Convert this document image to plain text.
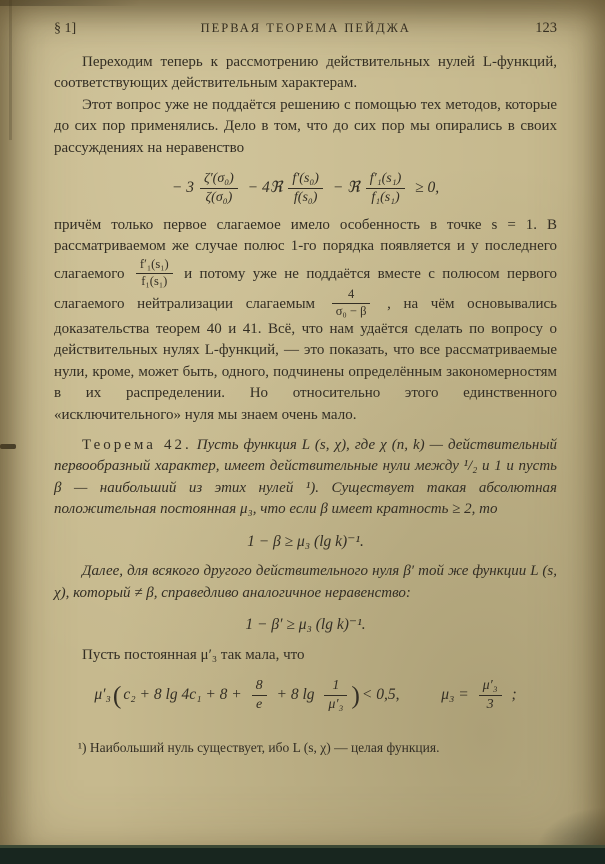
§ 1]	ПЕРВАЯ ТЕОРЕМА ПЕЙДЖА	123

Переходим теперь к рассмотрению действительных нулей L-функций, соответствующих действительным характерам.

Этот вопрос уже не поддаётся решению с помощью тех методов, которые до сих пор применялись. Дело в том, что до сих пор мы опирались в своих рассуждениях на неравенство

− $3 \frac{\text{ζ′(σ₀)}}{\text{ζ(σ₀)}}$ − 4ℜ $\frac{\text{f′(s₀)}}{\text{f(s₀)}}$ − ℜ $\frac{\text{f′₁(s₁)}}{\text{f₁(s₁)}} \ge 0$,

причём только первое слагаемое имело особенность в точке s = 1. В рассматриваемом же случае полюс 1-го порядка появляется и у последнего слагаемого $\frac{\text{f′₁(s₁)}}{\text{f₁(s₁)}}$ и потому уже не поддаётся вместе с полюсом первого слагаемого нейтрализации слагаемым $\frac{4}{\text{σ₀ − β}}$ , на чём основывались доказательства теорем 40 и 41. Всё, что нам удаётся сделать по вопросу о действительных нулях L-функций, — это показать, что все рассматриваемые нули, кроме, может быть, одного, подчинены определённым закономерностям в их распределении. Но относительно этого единственного «исключительного» нуля мы знаем очень мало.

Теорема 42. Пусть функция L (s, χ), где χ (n, k) — действительный первообразный характер, имеет действительные нули между ¹/₂ и 1 и пусть β — наибольший из этих нулей ¹). Существует такая абсолютная положительная постоянная μ₃, что если β имеет кратность ≥ 2, то

1 − β ≥ μ₃ (lg k)⁻¹.

Далее, для всякого другого действительного нуля β′ той же функции L (s, χ), который ≠ β, справедливо аналогичное неравенство:

1 − β′ ≥ μ₃ (lg k)⁻¹.

Пусть постоянная μ′₃ так мала, что

μ′₃( c₂ + 8 $\lg 4c_1 + 8 + \frac{8}{e} + 8$ $\lg \frac{1}{\text{μ′₃}}$ ) < 0,5,	$\mu_3 = \frac{\text{μ′₃}}{3}$ ;

¹) Наибольший нуль существует, ибо L (s, χ) — целая функция.
